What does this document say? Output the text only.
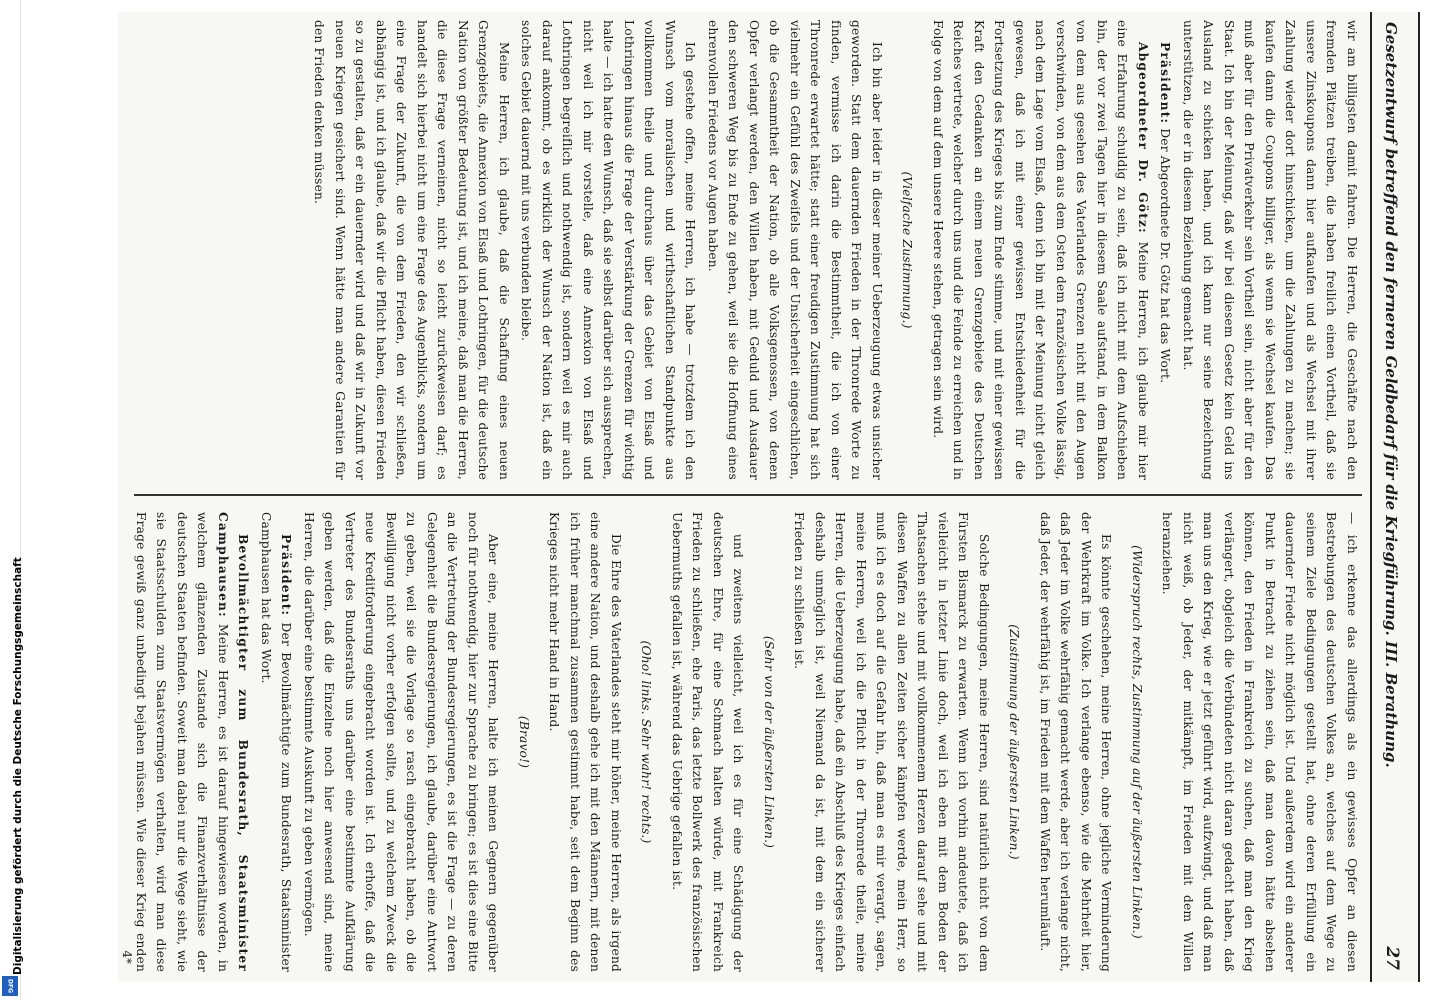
Digitalisierung gefördert durch die Deutsche Forschungsgemeinschaft
DFG
Gesetzentwurf betreffend den ferneren Geldbedarf für die Kriegführung. III. Berathung.
27

wir am billigsten damit fahren. Die Herren, die Geschäfte nach den fremden Plätzen treiben, die haben freilich einen Vortheil, daß sie unsere Zinskoupons dann hier aufkaufen und als Wechsel mit ihrer Zahlung wieder dort hinschicken, um die Zahlungen zu machen; sie kaufen dann die Coupons billiger, als wenn sie Wechsel kaufen. Das muß aber für den Privatverkehr sein Vortheil sein, nicht aber für den Staat. Ich bin der Meinung, daß wir bei diesem Gesetz kein Geld ins Ausland zu schicken haben, und ich kann nur seine Bezeichnung unterstützen, die er in diesem Beziehung gemacht hat.

Präsident: Der Abgeordnete Dr. Götz hat das Wort.

Abgeordneter Dr. Götz: Meine Herren, ich glaube mir hier eine Erfahrung schuldig zu sein, daß ich nicht mit dem Aufschieben bin, der vor zwei Tagen hier in diesem Saale aufstand, in dem Balkon von dem aus gesehen des Vaterlandes Grenzen nicht mit den Augen verschwinden, von dem aus dem Osten dem französischen Volke lässig, nach dem Lage vom Elsaß, denn ich bin mit der Meinung nicht gleich gewesen, daß ich mit einer gewissen Entschiedenheit für die Fortsetzung des Krieges bis zum Ende stimme, und mit einer gewissen Kraft den Gedanken an einem neuen Grenzgebiete des Deutschen Reiches vertrete, welcher durch uns und die Feinde zu erreichen und in Folge von dem auf dem unsere Heere stehen, getragen sein wird.

(Vielfache Zustimmung.)

Ich bin aber leider in dieser meiner Ueberzeugung etwas unsicher geworden. Statt dem dauernden Frieden in der Thronrede Worte zu finden, vermisse ich darin die Bestimmtheit, die ich von einer Thronrede erwartet hätte; statt einer freudigen Zustimmung hat sich vielmehr ein Gefühl des Zweifels und der Unsicherheit eingeschlichen, ob die Gesammtheit der Nation, ob alle Volksgenossen, von denen Opfer verlangt werden, den Willen haben, mit Geduld und Ausdauer den schweren Weg bis zu Ende zu gehen, weil sie die Hoffnung eines ehrenvollen Friedens vor Augen haben.

Ich gestehe offen, meine Herren, ich habe — trotzdem ich den Wunsch vom moralischen und wirthschaftlichen Standpunkte aus vollkommen theile und durchaus über das Gebiet von Elsaß und Lothringen hinaus die Frage der Verstärkung der Grenzen für wichtig halte — ich hatte den Wunsch, daß sie selbst darüber sich aussprechen, nicht weil ich mir vorstelle, daß eine Annexion von Elsaß und Lothringen begreiflich und nothwendig ist, sondern weil es mir auch darauf ankommt, ob es wirklich der Wunsch der Nation ist, daß ein solches Gebiet dauernd mit uns verbunden bleibe.

Meine Herren, ich glaube, daß die Schaffung eines neuen Grenzgebiets, die Annexion von Elsaß und Lothringen, für die deutsche Nation von größter Bedeutung ist, und ich meine, daß man die Herren, die diese Frage verneinen, nicht so leicht zurückweisen darf; es handelt sich hierbei nicht um eine Frage des Augenblicks, sondern um eine Frage der Zukunft, die von dem Frieden, den wir schließen, abhängig ist, und ich glaube, daß wir die Pflicht haben, diesen Frieden so zu gestalten, daß er ein dauernder wird und daß wir in Zukunft vor neuen Kriegen gesichert sind. Wenn hätte man andere Garantien für den Frieden denken müssen.

— ich erkenne das allerdings als ein gewisses Opfer an diesen Bestrebungen des deutschen Volkes an, welches auf dem Wege zu seinem Ziele Bedingungen gestellt hat, ohne deren Erfüllung ein dauernder Friede nicht möglich ist. Und außerdem wird ein anderer Punkt in Betracht zu ziehen sein, daß man davon hätte absehen können, den Frieden in Frankreich zu suchen, daß man den Krieg verlängert, obgleich die Verbündeten nicht daran gedacht haben, daß man uns den Krieg, wie er jetzt geführt wird, aufzwingt, und daß man nicht weiß, ob Jeder, der mitkämpft, im Frieden mit dem Willen heranziehen.

(Widerspruch rechts, Zustimmung auf der äußersten Linken.)

Es könnte geschehen, meine Herren, ohne jegliche Verminderung der Wehrkraft im Volke. Ich verlange ebenso, wie die Mehrheit hier, daß Jeder im Volke wehrfähig gemacht werde, aber ich verlange nicht, daß Jeder, der wehrfähig ist, im Frieden mit dem Waffen herumläuft.

(Zustimmung der äußersten Linken.)

Solche Bedingungen, meine Herren, sind natürlich nicht von dem Fürsten Bismarck zu erwarten. Wenn ich vorhin andeutete, daß ich vielleicht in letzter Linie doch, weil ich eben mit dem Boden der Thatsachen stehe und mit vollkommenem Herzen darauf sehe und mit diesen Waffen zu allen Zeiten sicher kämpfen werde, mein Herr, so muß ich es doch auf die Gefahr hin, daß man es mir verargt, sagen, meine Herren, weil ich die Pflicht in der Thronrede theile, meine Herren, die Ueberzeugung habe, daß ein Abschluß des Krieges einfach deshalb unmöglich ist, weil Niemand da ist, mit dem ein sicherer Frieden zu schließen ist.

(Sehr von der äußersten Linken.)

und zweitens vielleicht, weil ich es für eine Schädigung der deutschen Ehre, für eine Schmach halten würde, mit Frankreich Frieden zu schließen, ehe Paris, das letzte Bollwerk des französischen Uebermuths gefallen ist, während das Uebrige gefallen ist.

(Oho! links. Sehr wahr! rechts.)

Die Ehre des Vaterlandes steht mir höher, meine Herren, als irgend eine andere Nation, und deshalb gehe ich mit den Männern, mit denen ich früher manchmal zusammen gestimmt habe, seit dem Beginn des Krieges nicht mehr Hand in Hand.

(Bravo!)

Aber eine, meine Herren, halte ich meinen Gegnern gegenüber noch für nothwendig, hier zur Sprache zu bringen; es ist dies eine Bitte an die Vertretung der Bundesregierungen, es ist die Frage — zu deren Gelegenheit die Bundesregierungen, ich glaube, darüber eine Antwort zu geben, weil sie die Vorlage so rasch eingebracht haben, ob die Bewilligung nicht vorher erfolgen sollte, und zu welchem Zweck die neue Kreditforderung eingebracht worden ist. Ich erhoffe, daß die Vertreter des Bundesraths uns darüber eine bestimmte Aufklärung geben werden, daß die Einzelne noch hier anwesend sind, meine Herren, die darüber eine bestimmte Auskunft zu geben vermögen.

Präsident: Der Bevollmächtigte zum Bundesrath, Staatsminister Camphausen hat das Wort.

Bevollmächtigter zum Bundesrath, Staatsminister Camphausen: Meine Herren, es ist darauf hingewiesen worden, in welchem glänzenden Zustande sich die Finanzverhältnisse der deutschen Staaten befinden. Soweit man dabei nur die Wege sieht, wie sie Staatsschulden zum Staatsvermögen verhalten, wird man diese Frage gewiß ganz unbedingt bejahen müssen. Wie dieser Krieg enden

4*
